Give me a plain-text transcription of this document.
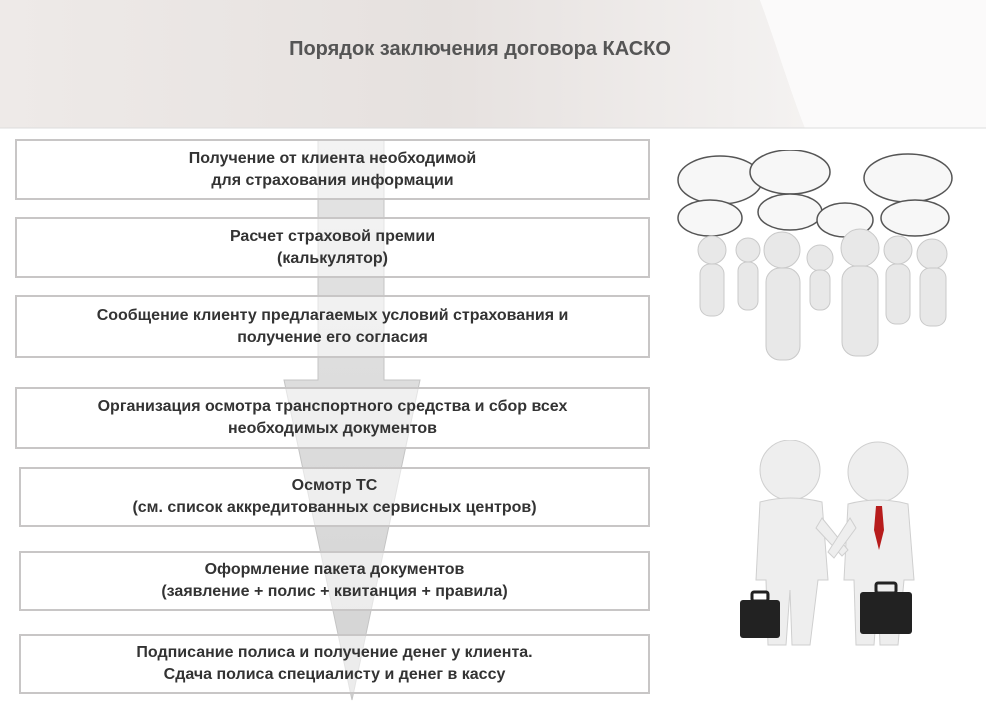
Порядок заключения договора КАСКО
Получение от клиента необходимой
для страхования информации
Расчет страховой премии
(калькулятор)
Сообщение клиенту предлагаемых условий страхования и
получение его согласия
Организация осмотра транспортного средства и сбор всех
необходимых документов
Осмотр ТС
(см. список аккредитованных сервисных центров)
Оформление пакета документов
(заявление + полис + квитанция + правила)
Подписание полиса и получение денег у клиента.
Сдача полиса специалисту и денег в кассу
